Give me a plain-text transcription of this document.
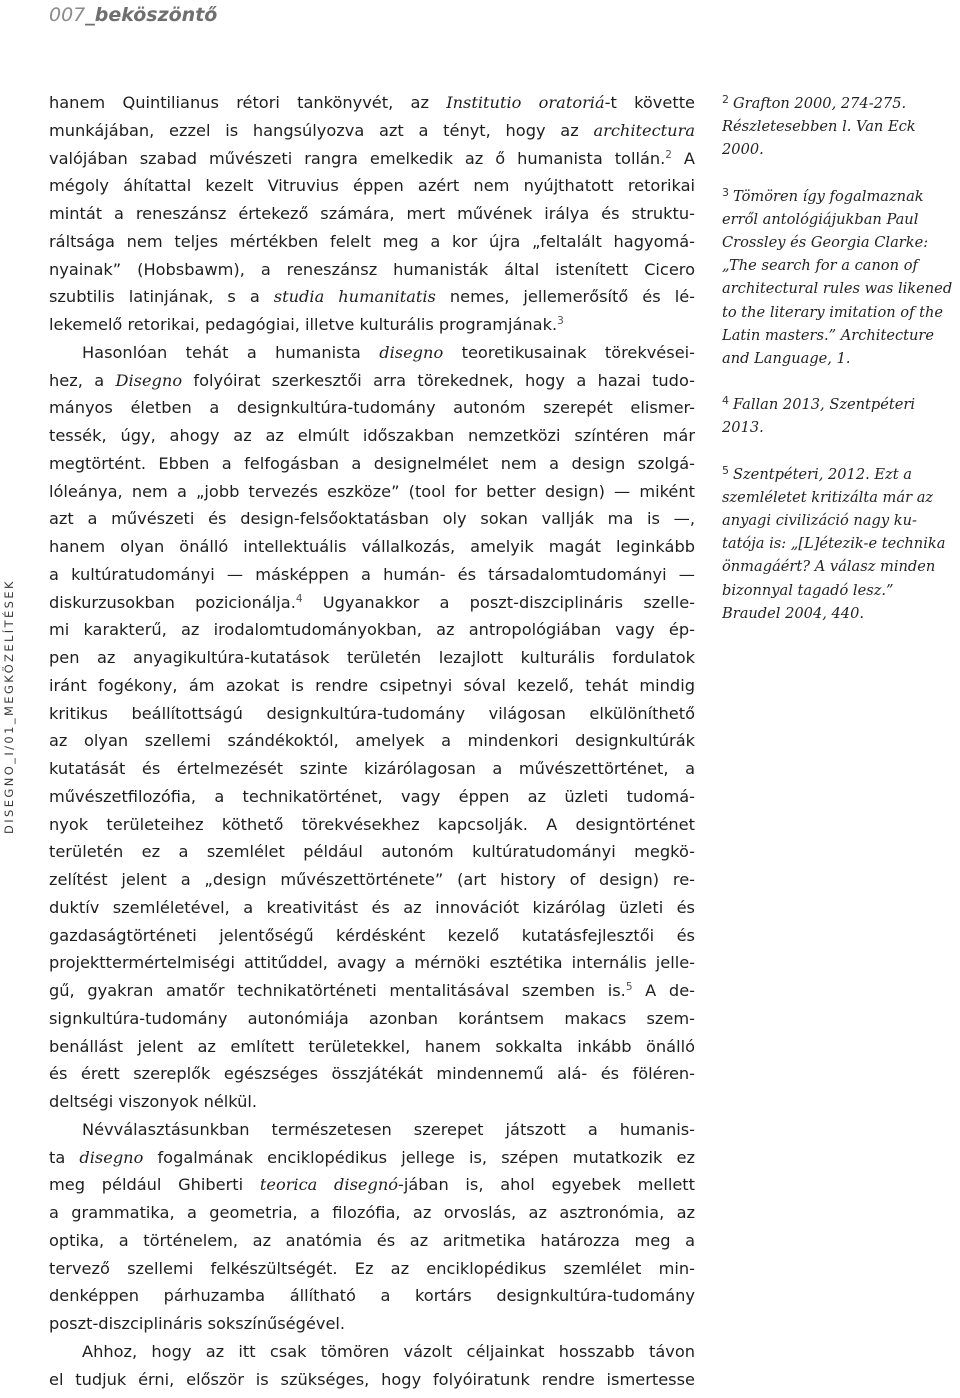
007_beköszöntő
DISEGNO_I/01_MEGKÖZELÍTÉSEK
hanem Quintilianus rétori tankönyvét, az Institutio oratoriá-t követte
munkájában, ezzel is hangsúlyozva azt a tényt, hogy az architectura
valójában szabad művészeti rangra emelkedik az ő humanista tollán.$^2$ A
mégoly áhítattal kezelt Vitruvius éppen azért nem nyújthatott retorikai
mintát a reneszánsz értekező számára, mert művének irálya és struktu-
ráltsága nem teljes mértékben felelt meg a kor újra „feltalált hagyomá-
nyainak” (Hobsbawm), a reneszánsz humanisták által istenített Cicero
szubtilis latinjának, s a studia humanitatis nemes, jellemerősítő és lé-
lekemelő retorikai, pedagógiai, illetve kulturális programjának.$^3$
Hasonlóan tehát a humanista disegno teoretikusainak törekvései-
hez, a Disegno folyóirat szerkesztői arra törekednek, hogy a hazai tudo-
mányos életben a designkultúra-tudomány autonóm szerepét elismer-
tessék, úgy, ahogy az az elmúlt időszakban nemzetközi színtéren már
megtörtént. Ebben a felfogásban a designelmélet nem a design szolgá-
lóleánya, nem a „jobb tervezés eszköze” (tool for better design) — miként
azt a művészeti és design-felsőoktatásban oly sokan vallják ma is —,
hanem olyan önálló intellektuális vállalkozás, amelyik magát leginkább
a kultúratudományi — másképpen a humán- és társadalomtudományi —
diskurzusokban pozicionálja.$^4$ Ugyanakkor a poszt-diszciplináris szelle-
mi karakterű, az irodalomtudományokban, az antropológiában vagy ép-
pen az anyagikultúra-kutatások területén lezajlott kulturális fordulatok
iránt fogékony, ám azokat is rendre csipetnyi sóval kezelő, tehát mindig
kritikus beállítottságú designkultúra-tudomány világosan elkülöníthető
az olyan szellemi szándékoktól, amelyek a mindenkori designkultúrák
kutatását és értelmezését szinte kizárólagosan a művészettörténet, a
művészetfilozófia, a technikatörténet, vagy éppen az üzleti tudomá-
nyok területeihez köthető törekvésekhez kapcsolják. A designtörténet
területén ez a szemlélet például autonóm kultúratudományi megkö-
zelítést jelent a „design művészettörténete” (art history of design) re-
duktív szemléletével, a kreativitást és az innovációt kizárólag üzleti és
gazdaságtörténeti jelentőségű kérdésként kezelő kutatásfejlesztői és
projekttermértelmiségi attitűddel, avagy a mérnöki esztétika internális jelle-
gű, gyakran amatőr technikatörténeti mentalitásával szemben is.$^5$ A de-
signkultúra-tudomány autonómiája azonban korántsem makacs szem-
benállást jelent az említett területekkel, hanem sokkalta inkább önálló
és érett szereplők egészséges összjátékát mindennemű alá- és föléren-
deltségi viszonyok nélkül.
Névválasztásunkban természetesen szerepet játszott a humanis-
ta disegno fogalmának enciklopédikus jellege is, szépen mutatkozik ez
meg például Ghiberti teorica disegnó-jában is, ahol egyebek mellett
a grammatika, a geometria, a filozófia, az orvoslás, az asztronómia, az
optika, a történelem, az anatómia és az aritmetika határozza meg a
tervező szellemi felkészültségét. Ez az enciklopédikus szemlélet min-
denképpen párhuzamba állítható a kortárs designkultúra-tudomány
poszt-diszciplináris sokszínűségével.
Ahhoz, hogy az itt csak tömören vázolt céljainkat hosszabb távon
el tudjuk érni, először is szükséges, hogy folyóiratunk rendre ismertesse
$^2$ Grafton 2000, 274-275.
Részletesebben l. Van Eck
2000.
$^3$ Tömören így fogalmaznak
erről antológiájukban Paul
Crossley és Georgia Clarke:
„The search for a canon of
architectural rules was likened
to the literary imitation of the
Latin masters.” Architecture
and Language, 1.
$^4$ Fallan 2013, Szentpéteri
2013.
$^5$ Szentpéteri, 2012. Ezt a
szemléletet kritizálta már az
anyagi civilizáció nagy ku-
tatója is: „[L]étezik-e technika
önmagáért? A válasz minden
bizonnyal tagadó lesz.”
Braudel 2004, 440.
